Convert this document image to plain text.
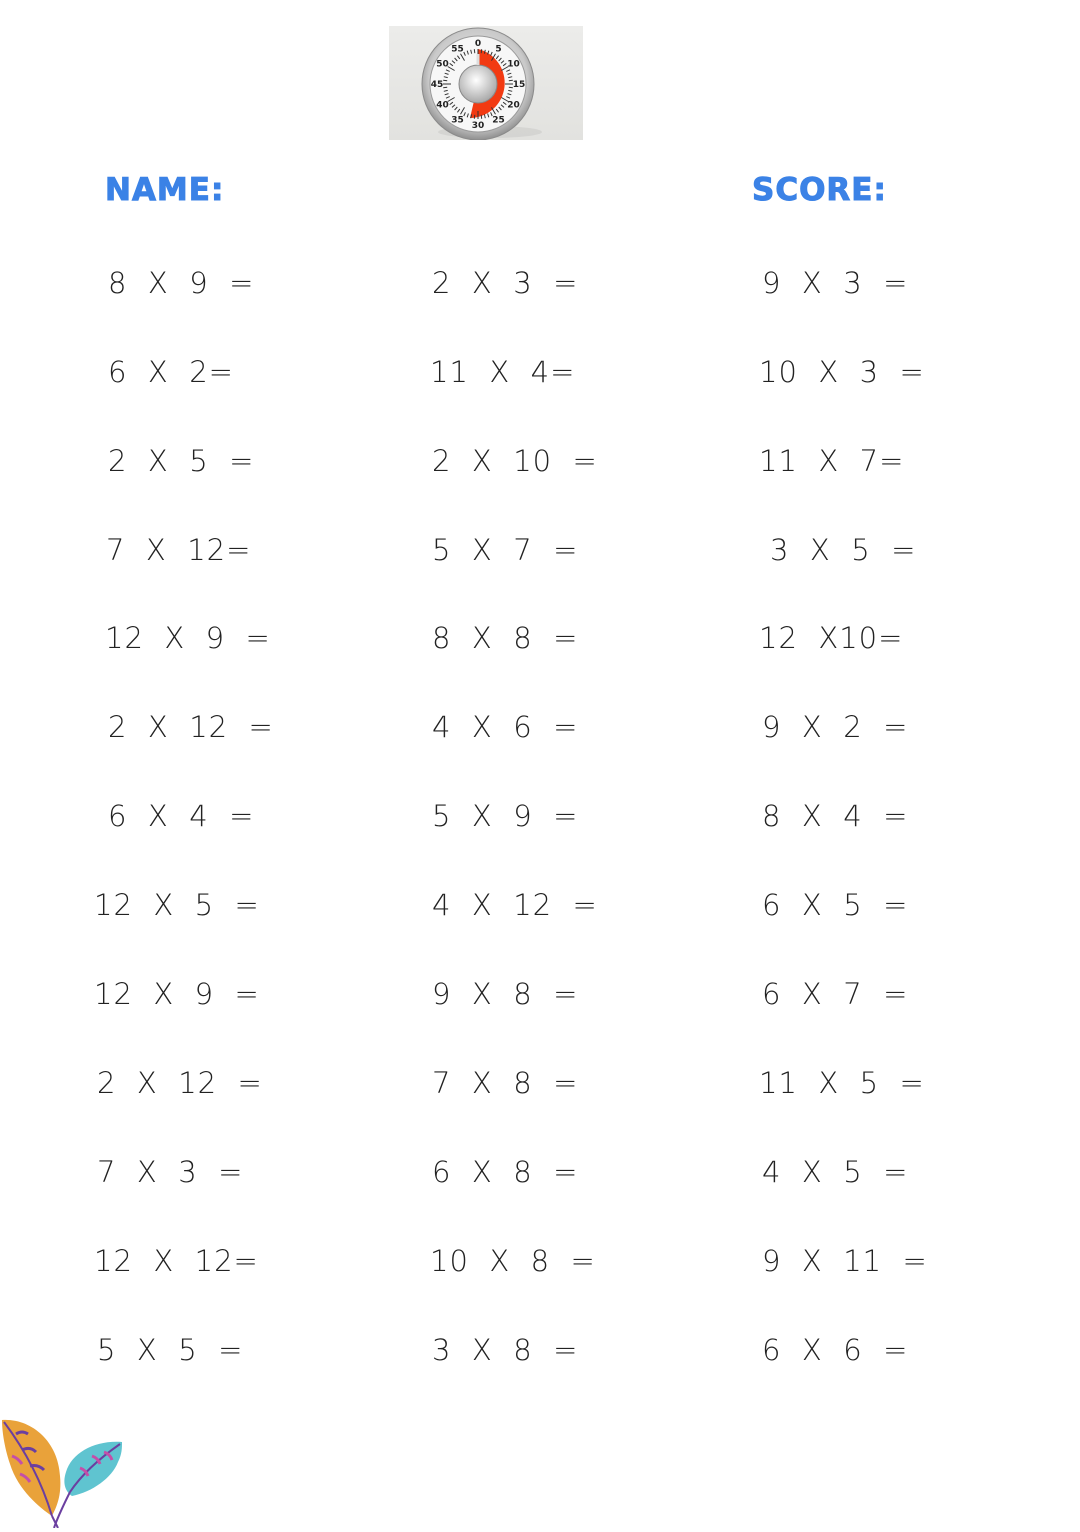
0
5
10
15
20
25
30
35
40
45
50
55
NAME:	SCORE:
8  X  9  =
6  X  2=
2  X  5  =
7  X  12=
12  X  9  =
2  X  12  =
6  X  4  =
12  X  5  =
12  X  9  =
2  X  12  =
7  X  3  =
12  X  12=
5  X  5  =
2  X  3  =
11  X  4=
2  X  10  =
5  X  7  =
8  X  8  =
4  X  6  =
5  X  9  =
4  X  12  =
9  X  8  =
7  X  8  =
6  X  8  =
10  X  8  =
3  X  8  =
9  X  3  =
10  X  3  =
11  X  7=
3  X  5  =
12  X10=
9  X  2  =
8  X  4  =
6  X  5  =
6  X  7  =
11  X  5  =
4  X  5  =
9  X  11  =
6  X  6  =
